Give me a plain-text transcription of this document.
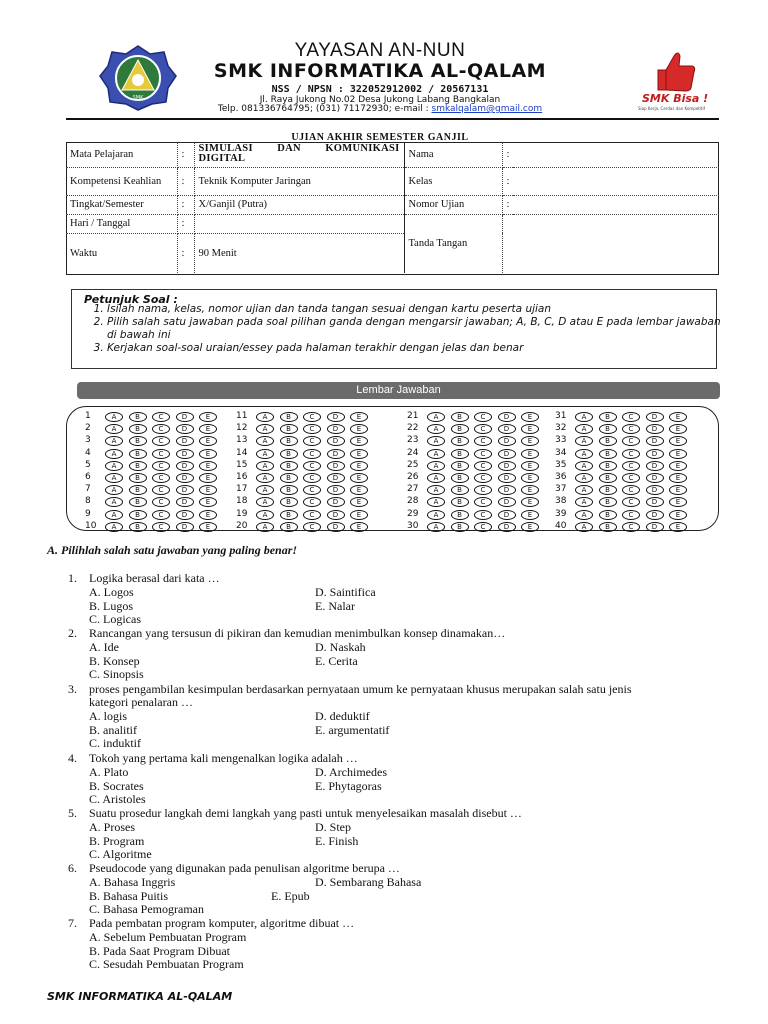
SMK	SMK Bisa !
Siap Kerja, Cerdas dan Kompetitif
YAYASAN AN-NUN
SMK INFORMATIKA AL-QALAM
NSS / NPSN : 322052912002 / 20567131
Jl. Raya Jukong No.02 Desa Jukong Labang Bangkalan
Telp. 081336764795; (031) 71172930; e-mail : smkalqalam@gmail.com
UJIAN AKHIR SEMESTER GANJIL
Mata Pelajaran	:	SIMULASI DAN KOMUNIKASI DIGITAL	Nama	:	
Kompetensi Keahlian	:	Teknik Komputer Jaringan	Kelas	:	
Tingkat/Semester	:	X/Ganjil (Putra)	Nomor Ujian	:	
Hari / Tanggal	:		Tanda Tangan		
Waktu	:	90 Menit			
Petunjuk Soal :
1. Isilah nama, kelas, nomor ujian dan tanda tangan sesuai dengan kartu peserta ujian
2. Pilih salah satu jawaban pada soal pilihan ganda dengan mengarsir jawaban; A, B, C, D atau E pada lembar jawaban di bawah ini
3. Kerjakan soal-soal uraian/essey pada halaman terakhir dengan jelas dan benar
Lembar Jawaban
1	A	B	C	D	E
2	A	B	C	D	E
3	A	B	C	D	E
4	A	B	C	D	E
5	A	B	C	D	E
6	A	B	C	D	E
7	A	B	C	D	E
8	A	B	C	D	E
9	A	B	C	D	E
10	A	B	C	D	E
11	A	B	C	D	E
12	A	B	C	D	E
13	A	B	C	D	E
14	A	B	C	D	E
15	A	B	C	D	E
16	A	B	C	D	E
17	A	B	C	D	E
18	A	B	C	D	E
19	A	B	C	D	E
20	A	B	C	D	E
21	A	B	C	D	E
22	A	B	C	D	E
23	A	B	C	D	E
24	A	B	C	D	E
25	A	B	C	D	E
26	A	B	C	D	E
27	A	B	C	D	E
28	A	B	C	D	E
29	A	B	C	D	E
30	A	B	C	D	E
31	A	B	C	D	E
32	A	B	C	D	E
33	A	B	C	D	E
34	A	B	C	D	E
35	A	B	C	D	E
36	A	B	C	D	E
37	A	B	C	D	E
38	A	B	C	D	E
39	A	B	C	D	E
40	A	B	C	D	E
A. Pilihlah salah satu jawaban yang paling benar!
1. Logika berasal dari kata …
A. Logos
B. Lugos
C. Logicas
D. Saintifica
E. Nalar
2. Rancangan yang tersusun di pikiran dan kemudian menimbulkan konsep dinamakan…
A. Ide
B. Konsep
C. Sinopsis
D. Naskah
E. Cerita
3. proses pengambilan kesimpulan berdasarkan pernyataan umum ke pernyataan khusus merupakan salah satu jenis
kategori penalaran …
A. logis
B. analitif
C. induktif
D. deduktif
E. argumentatif
4. Tokoh yang pertama kali mengenalkan logika adalah …
A. Plato
B. Socrates
C. Aristoles
D. Archimedes
E. Phytagoras
5. Suatu prosedur langkah demi langkah yang pasti untuk menyelesaikan masalah disebut …
A. Proses
B. Program
C. Algoritme
D. Step
E. Finish
6. Pseudocode yang digunakan pada penulisan algoritme berupa …
A. Bahasa Inggris
B. Bahasa Puitis
C. Bahasa Pemograman
D. Sembarang Bahasa
E. Epub
7. Pada pembatan program komputer, algoritme dibuat …
A. Sebelum Pembuatan Program
B. Pada Saat Program Dibuat
C. Sesudah Pembuatan Program
SMK INFORMATIKA AL-QALAM
